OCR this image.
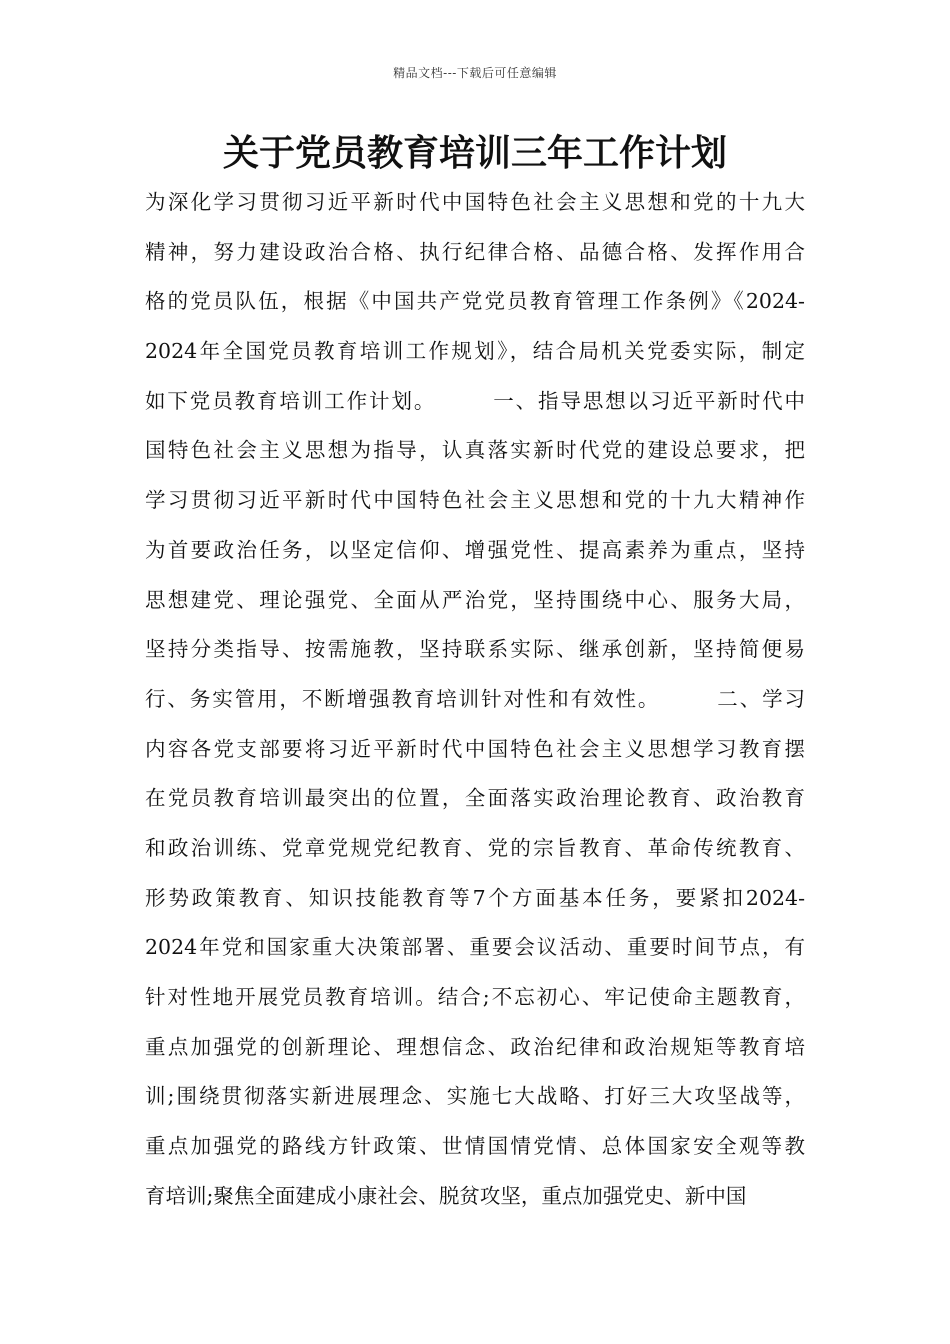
精品文档---下载后可任意编辑
关于党员教育培训三年工作计划
为深化学习贯彻习近平新时代中国特色社会主义思想和党的十九大
精神，努力建设政治合格、执行纪律合格、品德合格、发挥作用合
格的党员队伍，根据《中国共产党党员教育管理工作条例》《2024-
2024年全国党员教育培训工作规划》，结合局机关党委实际，制定
如下党员教育培训工作计划。　　　一、指导思想以习近平新时代中
国特色社会主义思想为指导，认真落实新时代党的建设总要求，把
学习贯彻习近平新时代中国特色社会主义思想和党的十九大精神作
为首要政治任务，以坚定信仰、增强党性、提高素养为重点，坚持
思想建党、理论强党、全面从严治党，坚持围绕中心、服务大局，
坚持分类指导、按需施教，坚持联系实际、继承创新，坚持简便易
行、务实管用，不断增强教育培训针对性和有效性。　　　二、学习
内容各党支部要将习近平新时代中国特色社会主义思想学习教育摆
在党员教育培训最突出的位置，全面落实政治理论教育、政治教育
和政治训练、党章党规党纪教育、党的宗旨教育、革命传统教育、
形势政策教育、知识技能教育等7个方面基本任务，要紧扣2024-
2024年党和国家重大决策部署、重要会议活动、重要时间节点，有
针对性地开展党员教育培训。结合;不忘初心、牢记使命主题教育，
重点加强党的创新理论、理想信念、政治纪律和政治规矩等教育培
训;围绕贯彻落实新进展理念、实施七大战略、打好三大攻坚战等，
重点加强党的路线方针政策、世情国情党情、总体国家安全观等教
育培训;聚焦全面建成小康社会、脱贫攻坚，重点加强党史、新中国
